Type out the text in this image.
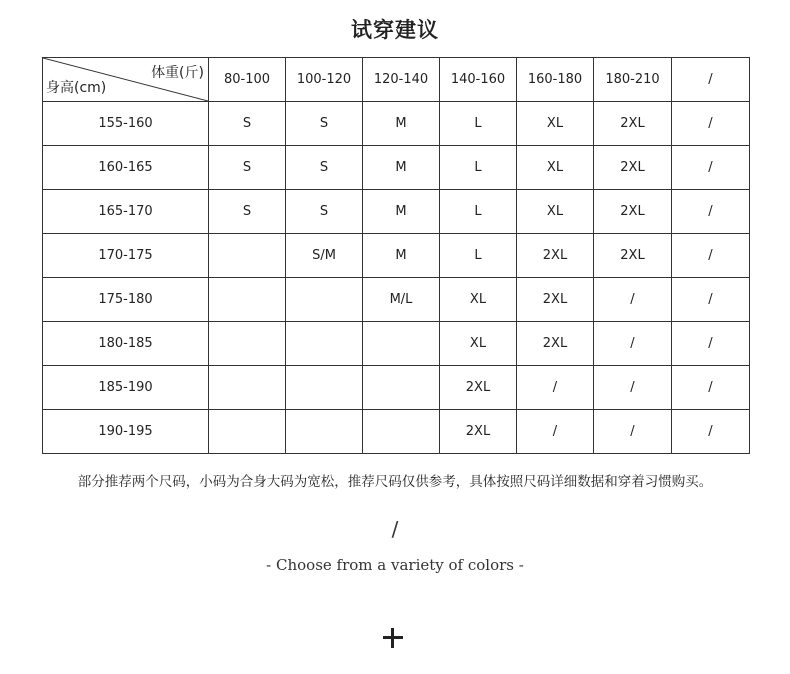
试穿建议
体重(斤)
身高(cm)	80-100	100-120	120-140	140-160	160-180	180-210	/
155-160	S	S	M	L	XL	2XL	/
160-165	S	S	M	L	XL	2XL	/
165-170	S	S	M	L	XL	2XL	/
170-175		S/M	M	L	2XL	2XL	/
175-180			M/L	XL	2XL	/	/
180-185				XL	2XL	/	/
185-190				2XL	/	/	/
190-195				2XL	/	/	/
部分推荐两个尺码，小码为合身大码为宽松，推荐尺码仅供参考，具体按照尺码详细数据和穿着习惯购买。
/
- Choose from a variety of colors -
